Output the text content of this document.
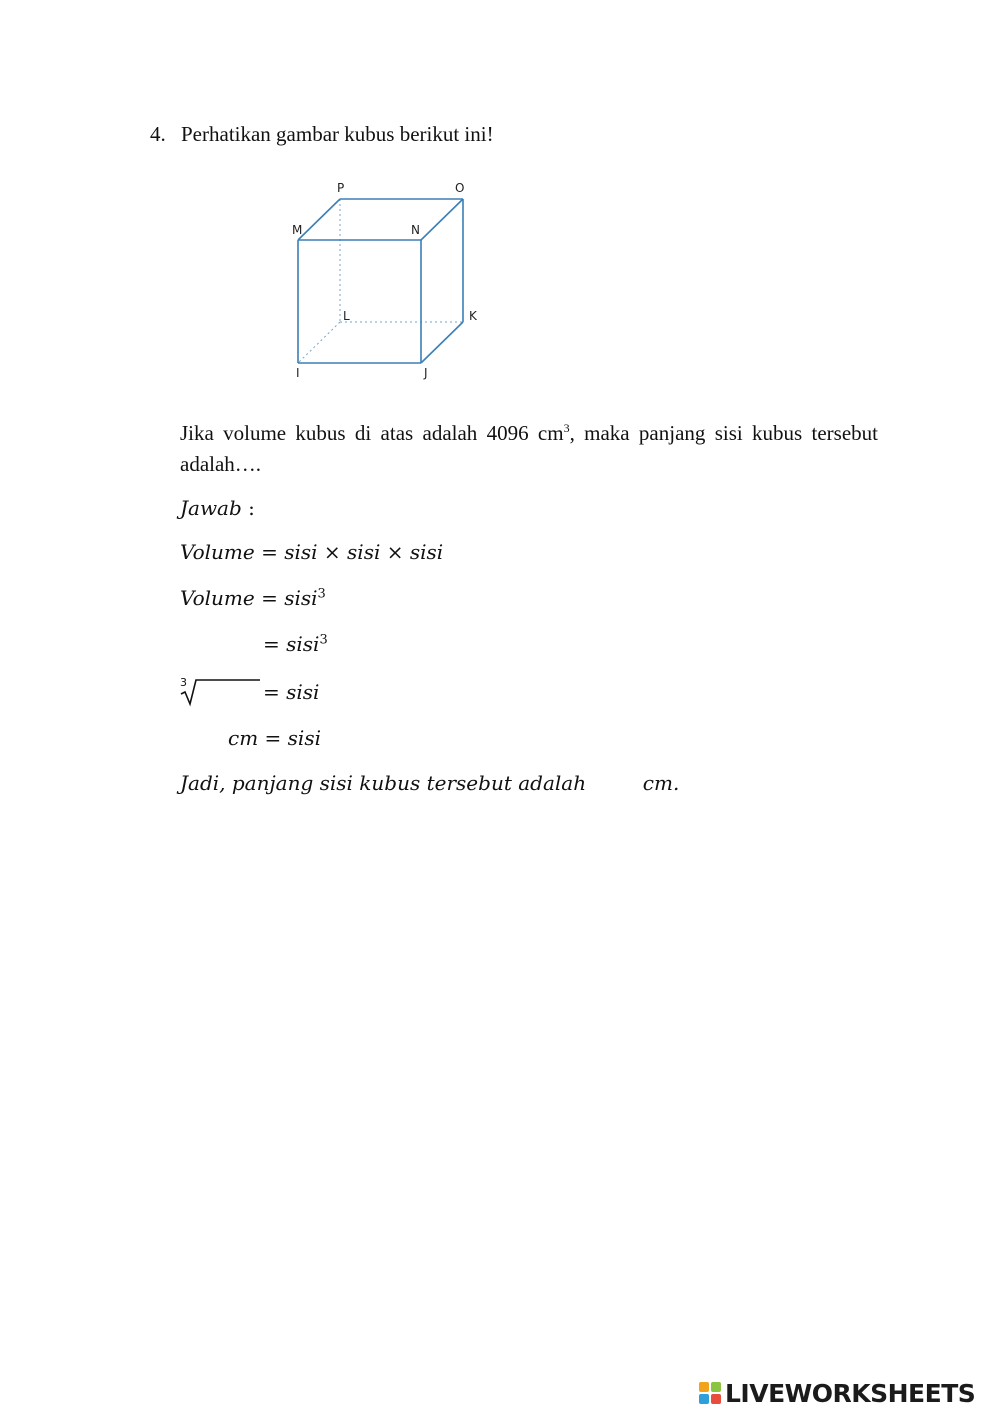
4. Perhatikan gambar kubus berikut ini!
P	O
M	N
L	K
I	J
Jika volume kubus di atas adalah 4096 $cm^3$, maka panjang sisi kubus tersebut adalah….
Jawab :
Volume = sisi × sisi × sisi
Volume = sisi$^3$
= sisi$^3$
3	= sisi
cm = sisi
Jadi, panjang sisi kubus tersebut adalah	cm.
LIVEWORKSHEETS
